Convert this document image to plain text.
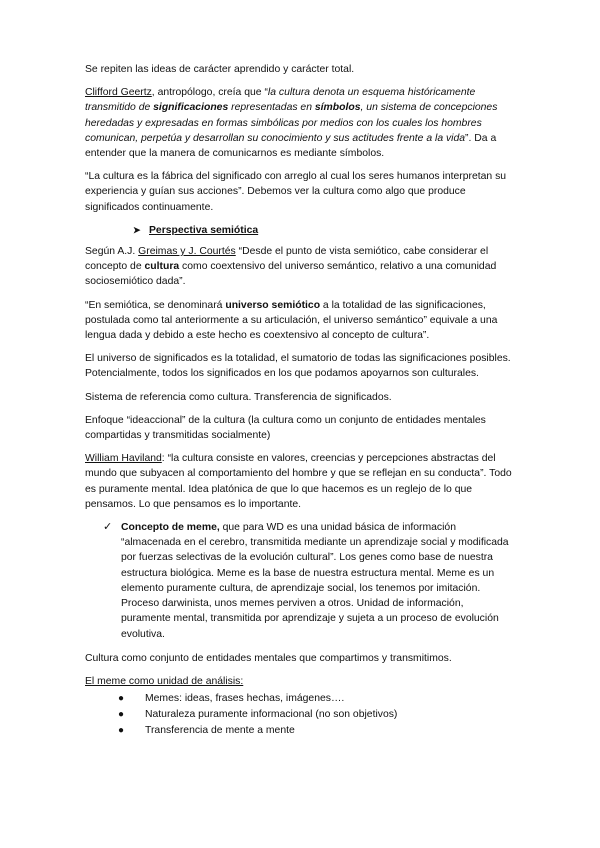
Se repiten las ideas de carácter aprendido y carácter total.

Clifford Geertz, antropólogo, creía que “la cultura denota un esquema históricamente transmitido de significaciones representadas en símbolos, un sistema de concepciones heredadas y expresadas en formas simbólicas por medios con los cuales los hombres comunican, perpetúa y desarrollan su conocimiento y sus actitudes frente a la vida”. Da a entender que la manera de comunicarnos es mediante símbolos.

“La cultura es la fábrica del significado con arreglo al cual los seres humanos interpretan su experiencia y guían sus acciones”. Debemos ver la cultura como algo que produce significados continuamente.

➤ Perspectiva semiótica

Según A.J. Greimas y J. Courtés “Desde el punto de vista semiótico, cabe considerar el concepto de cultura como coextensivo del universo semántico, relativo a una comunidad sociosemiótico dada”.

“En semiótica, se denominará universo semiótico a la totalidad de las significaciones, postulada como tal anteriormente a su articulación, el universo semántico” equivale a una lengua dada y debido a este hecho es coextensivo al concepto de cultura”.

El universo de significados es la totalidad, el sumatorio de todas las significaciones posibles. Potencialmente, todos los significados en los que podamos apoyarnos son culturales.

Sistema de referencia como cultura. Transferencia de significados.

Enfoque “ideaccional” de la cultura (la cultura como un conjunto de entidades mentales compartidas y transmitidas socialmente)

William Haviland: “la cultura consiste en valores, creencias y percepciones abstractas del mundo que subyacen al comportamiento del hombre y que se reflejan en su conducta”. Todo es puramente mental. Idea platónica de que lo que hacemos es un reglejo de lo que pensamos. Lo que pensamos es lo importante.

✓ Concepto de meme, que para WD es una unidad básica de información “almacenada en el cerebro, transmitida mediante un aprendizaje social y modificada por fuerzas selectivas de la evolución cultural”. Los genes como base de nuestra estructura biológica. Meme es la base de nuestra estructura mental. Meme es un elemento puramente cultura, de aprendizaje social, los tenemos por imitación. Proceso darwinista, unos memes perviven a otros. Unidad de información, puramente mental, transmitida por aprendizaje y sujeta a un proceso de evolución evolutiva.

Cultura como conjunto de entidades mentales que compartimos y transmitimos.

El meme como unidad de análisis:
● Memes: ideas, frases hechas, imágenes….
● Naturaleza puramente informacional (no son objetivos)
● Transferencia de mente a mente
